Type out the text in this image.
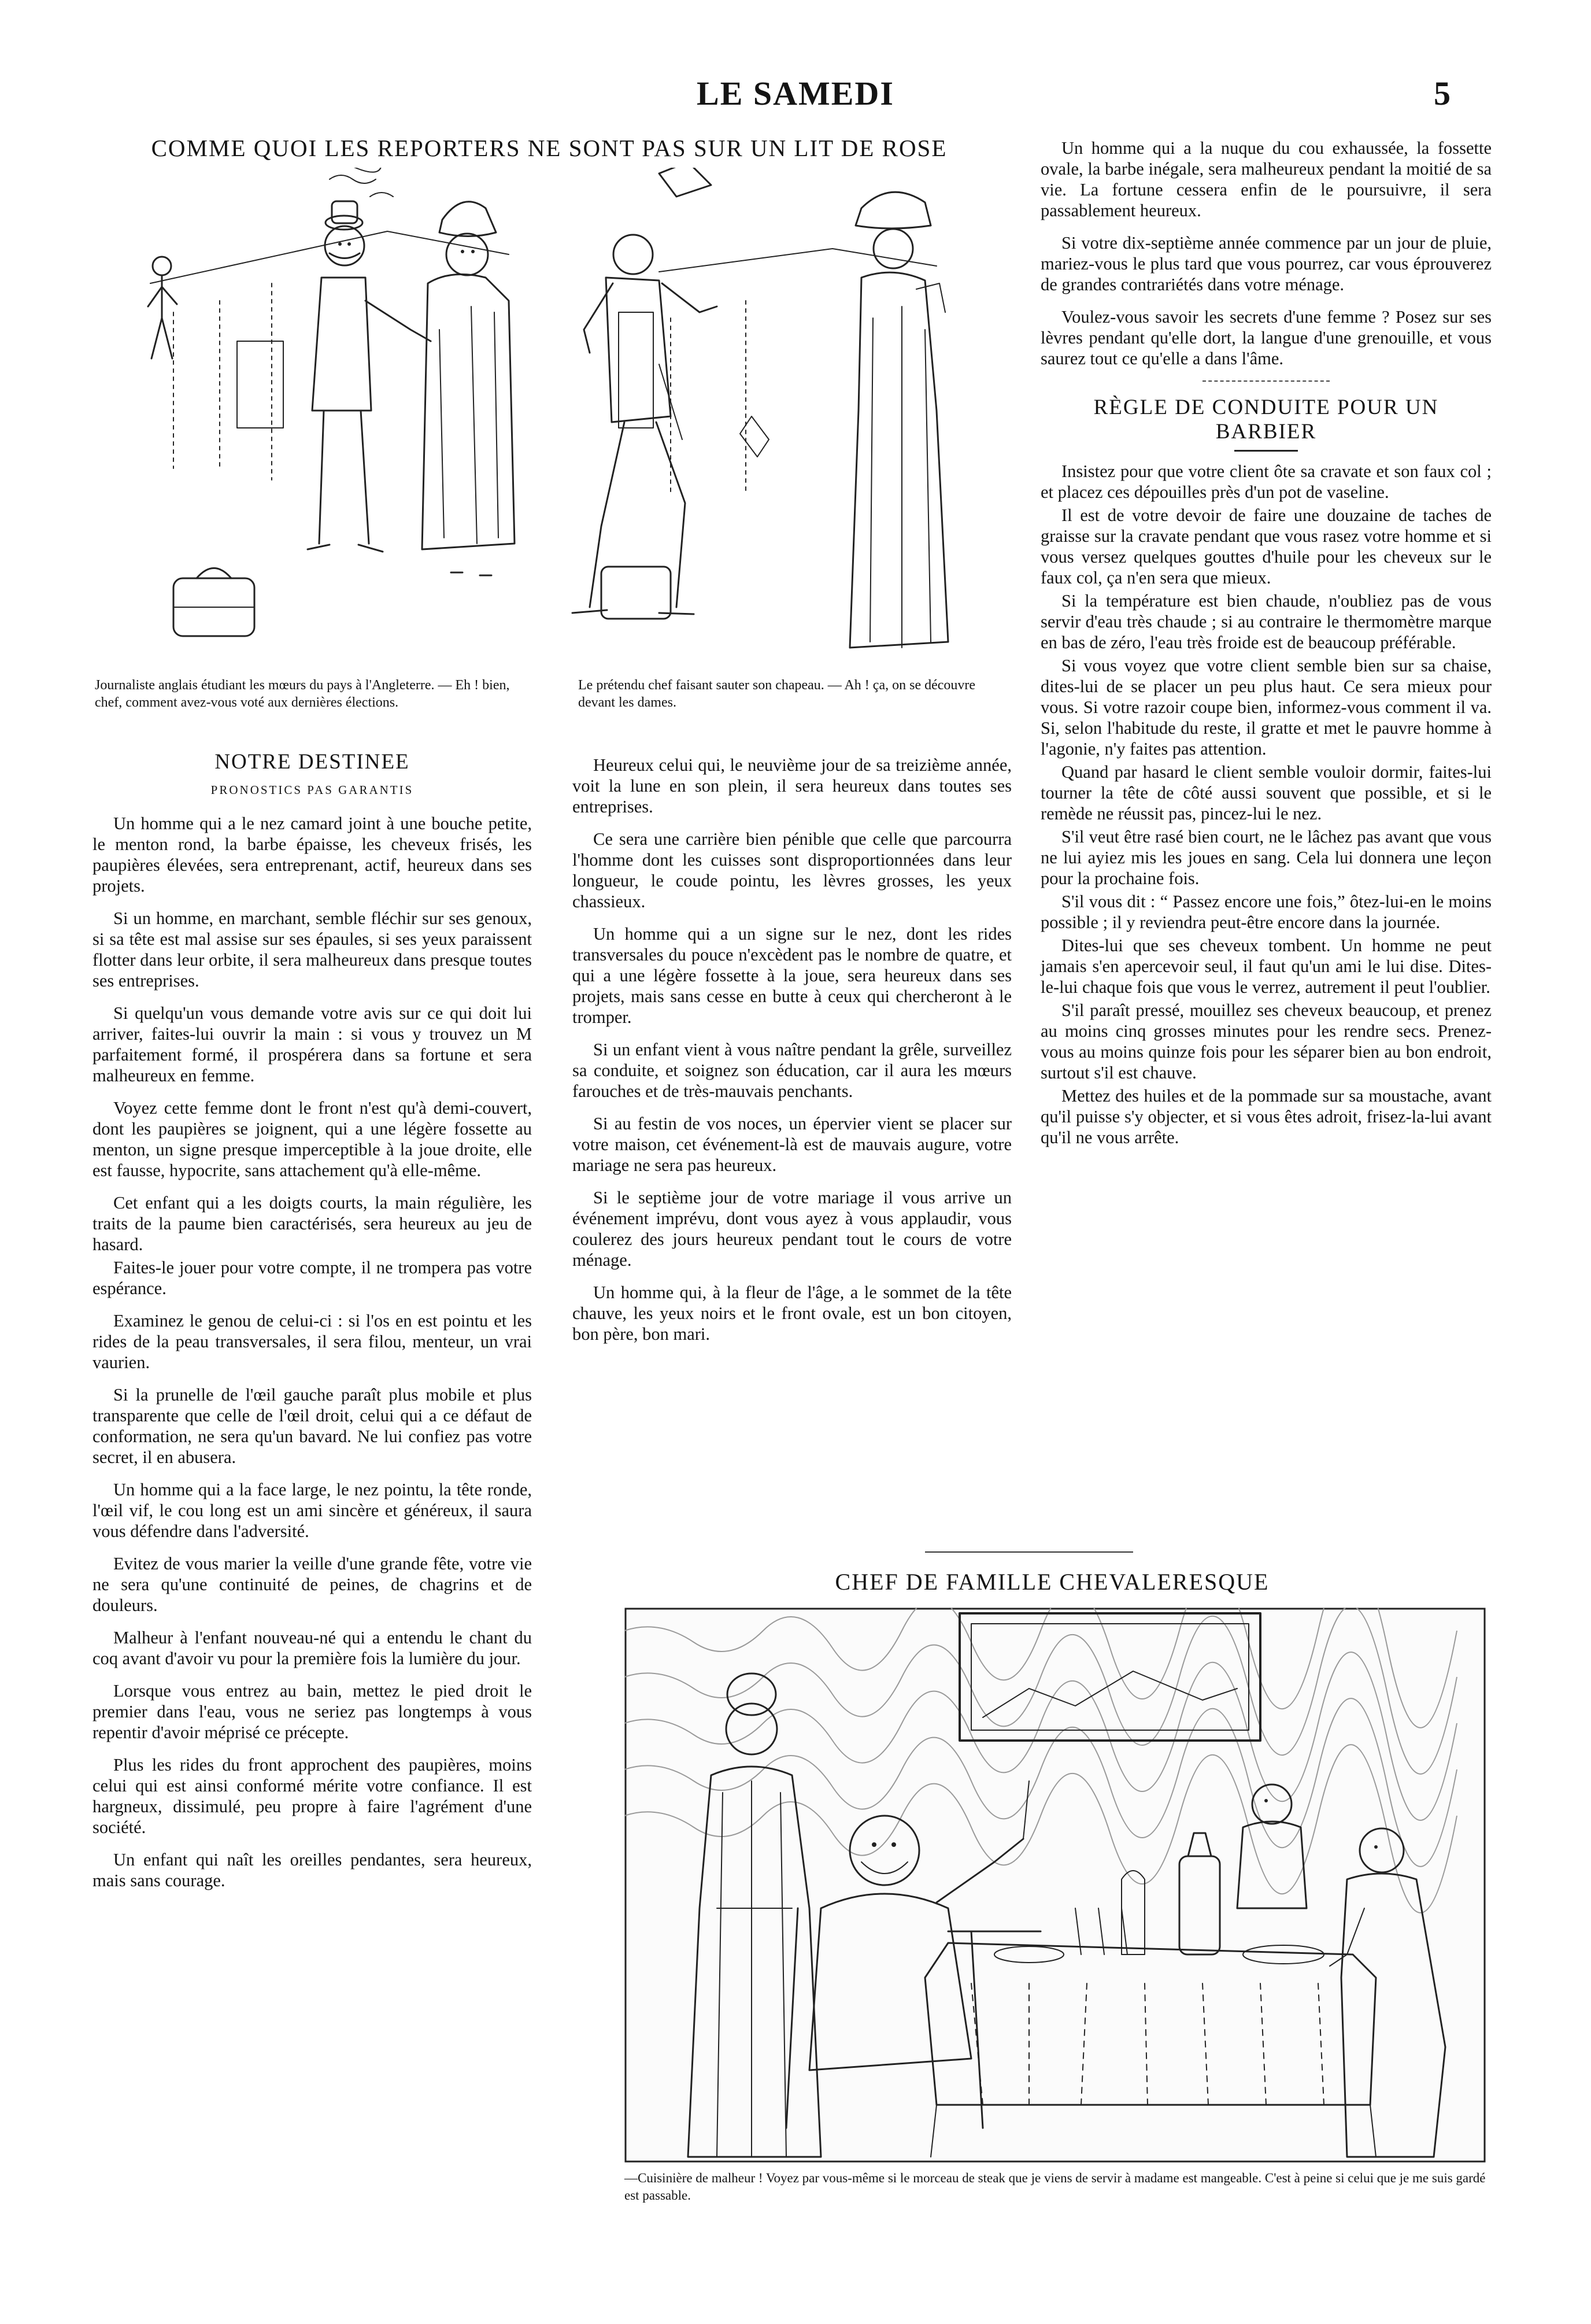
LE SAMEDI	5
COMME QUOI LES REPORTERS NE SONT PAS SUR UN LIT DE ROSE
Journaliste anglais étudiant les mœurs du pays à l'Angleterre. — Eh ! bien, chef, comment avez-vous voté aux dernières élections.
Le prétendu chef faisant sauter son chapeau. — Ah ! ça, on se découvre devant les dames.
NOTRE DESTINEE
PRONOSTICS PAS GARANTIS

Un homme qui a le nez camard joint à une bouche petite, le menton rond, la barbe épaisse, les cheveux frisés, les paupières élevées, sera entreprenant, actif, heureux dans ses projets.

Si un homme, en marchant, semble fléchir sur ses genoux, si sa tête est mal assise sur ses épaules, si ses yeux paraissent flotter dans leur orbite, il sera malheureux dans presque toutes ses entreprises.

Si quelqu'un vous demande votre avis sur ce qui doit lui arriver, faites-lui ouvrir la main : si vous y trouvez un M parfaitement formé, il prospérera dans sa fortune et sera malheureux en femme.

Voyez cette femme dont le front n'est qu'à demi-couvert, dont les paupières se joignent, qui a une légère fossette au menton, un signe presque imperceptible à la joue droite, elle est fausse, hypocrite, sans attachement qu'à elle-même.

Cet enfant qui a les doigts courts, la main régulière, les traits de la paume bien caractérisés, sera heureux au jeu de hasard.

Faites-le jouer pour votre compte, il ne trompera pas votre espérance.

Examinez le genou de celui-ci : si l'os en est pointu et les rides de la peau transversales, il sera filou, menteur, un vrai vaurien.

Si la prunelle de l'œil gauche paraît plus mobile et plus transparente que celle de l'œil droit, celui qui a ce défaut de conformation, ne sera qu'un bavard. Ne lui confiez pas votre secret, il en abusera.

Un homme qui a la face large, le nez pointu, la tête ronde, l'œil vif, le cou long est un ami sincère et généreux, il saura vous défendre dans l'adversité.

Evitez de vous marier la veille d'une grande fête, votre vie ne sera qu'une continuité de peines, de chagrins et de douleurs.

Malheur à l'enfant nouveau-né qui a entendu le chant du coq avant d'avoir vu pour la première fois la lumière du jour.

Lorsque vous entrez au bain, mettez le pied droit le premier dans l'eau, vous ne seriez pas longtemps à vous repentir d'avoir méprisé ce précepte.

Plus les rides du front approchent des paupières, moins celui qui est ainsi conformé mérite votre confiance. Il est hargneux, dissimulé, peu propre à faire l'agrément d'une société.

Un enfant qui naît les oreilles pendantes, sera heureux, mais sans courage.

Heureux celui qui, le neuvième jour de sa treizième année, voit la lune en son plein, il sera heureux dans toutes ses entreprises.

Ce sera une carrière bien pénible que celle que parcourra l'homme dont les cuisses sont disproportionnées dans leur longueur, le coude pointu, les lèvres grosses, les yeux chassieux.

Un homme qui a un signe sur le nez, dont les rides transversales du pouce n'excèdent pas le nombre de quatre, et qui a une légère fossette à la joue, sera heureux dans ses projets, mais sans cesse en butte à ceux qui chercheront à le tromper.

Si un enfant vient à vous naître pendant la grêle, surveillez sa conduite, et soignez son éducation, car il aura les mœurs farouches et de très-mauvais penchants.

Si au festin de vos noces, un épervier vient se placer sur votre maison, cet événement-là est de mauvais augure, votre mariage ne sera pas heureux.

Si le septième jour de votre mariage il vous arrive un événement imprévu, dont vous ayez à vous applaudir, vous coulerez des jours heureux pendant tout le cours de votre ménage.

Un homme qui, à la fleur de l'âge, a le sommet de la tête chauve, les yeux noirs et le front ovale, est un bon citoyen, bon père, bon mari.

Un homme qui a la nuque du cou exhaussée, la fossette ovale, la barbe inégale, sera malheureux pendant la moitié de sa vie. La fortune cessera enfin de le poursuivre, il sera passablement heureux.

Si votre dix-septième année commence par un jour de pluie, mariez-vous le plus tard que vous pourrez, car vous éprouverez de grandes contrariétés dans votre ménage.

Voulez-vous savoir les secrets d'une femme ? Posez sur ses lèvres pendant qu'elle dort, la langue d'une grenouille, et vous saurez tout ce qu'elle a dans l'âme.

RÈGLE DE CONDUITE POUR UN BARBIER

Insistez pour que votre client ôte sa cravate et son faux col ; et placez ces dépouilles près d'un pot de vaseline.

Il est de votre devoir de faire une douzaine de taches de graisse sur la cravate pendant que vous rasez votre homme et si vous versez quelques gouttes d'huile pour les cheveux sur le faux col, ça n'en sera que mieux.

Si la température est bien chaude, n'oubliez pas de vous servir d'eau très chaude ; si au contraire le thermomètre marque en bas de zéro, l'eau très froide est de beaucoup préférable.

Si vous voyez que votre client semble bien sur sa chaise, dites-lui de se placer un peu plus haut. Ce sera mieux pour vous. Si votre razoir coupe bien, informez-vous comment il va. Si, selon l'habitude du reste, il gratte et met le pauvre homme à l'agonie, n'y faites pas attention.

Quand par hasard le client semble vouloir dormir, faites-lui tourner la tête de côté aussi souvent que possible, et si le remède ne réussit pas, pincez-lui le nez.

S'il veut être rasé bien court, ne le lâchez pas avant que vous ne lui ayiez mis les joues en sang. Cela lui donnera une leçon pour la prochaine fois.

S'il vous dit : “ Passez encore une fois,” ôtez-lui-en le moins possible ; il y reviendra peut-être encore dans la journée.

Dites-lui que ses cheveux tombent. Un homme ne peut jamais s'en apercevoir seul, il faut qu'un ami le lui dise. Dites-le-lui chaque fois que vous le verrez, autrement il peut l'oublier.

S'il paraît pressé, mouillez ses cheveux beaucoup, et prenez au moins cinq grosses minutes pour les rendre secs. Prenez-vous au moins quinze fois pour les séparer bien au bon endroit, surtout s'il est chauve.

Mettez des huiles et de la pommade sur sa moustache, avant qu'il puisse s'y objecter, et si vous êtes adroit, frisez-la-lui avant qu'il ne vous arrête.

CHEF DE FAMILLE CHEVALERESQUE
—Cuisinière de malheur ! Voyez par vous-même si le morceau de steak que je viens de servir à madame est mangeable. C'est à peine si celui que je me suis gardé est passable.
